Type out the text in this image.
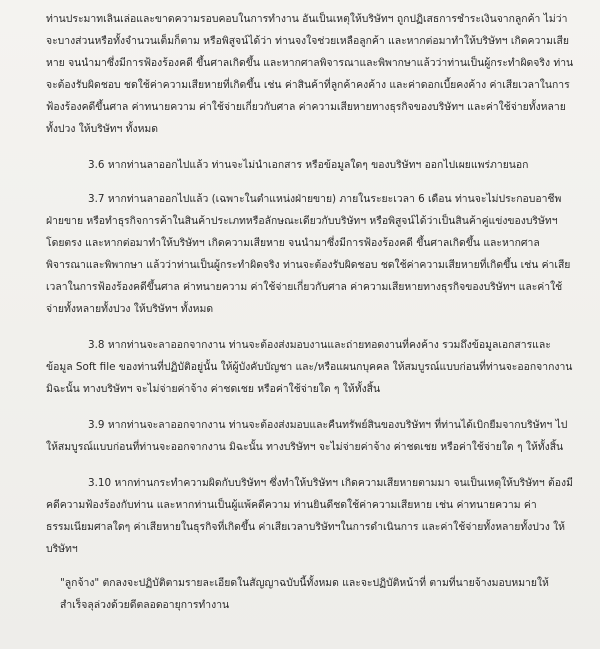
ท่านประมาทเลินเล่อและขาดความรอบคอบในการทำงาน อันเป็นเหตุให้บริษัทฯ ถูกปฏิเสธการชำระเงินจากลูกค้า ไม่ว่าจะบางส่วนหรือทั้งจำนวนเต็มก็ตาม หรือพิสูจน์ได้ว่า ท่านจงใจช่วยเหลือลูกค้า และหากต่อมาทำให้บริษัทฯ เกิดความเสียหาย จนนำมาซึ่งมีการฟ้องร้องคดี ขึ้นศาลเกิดขึ้น และหากศาลพิจารณาและพิพากษาแล้วว่าท่านเป็นผู้กระทำผิดจริง ท่านจะต้องรับผิดชอบ ชดใช้ค่าความเสียหายที่เกิดขึ้น เช่น ค่าสินค้าที่ลูกค้าคงค้าง และค่าดอกเบี้ยคงค้าง ค่าเสียเวลาในการฟ้องร้องคดีขึ้นศาล ค่าทนายความ ค่าใช้จ่ายเกี่ยวกับศาล ค่าความเสียหายทางธุรกิจของบริษัทฯ และค่าใช้จ่ายทั้งหลายทั้งปวง ให้บริษัทฯ ทั้งหมด

3.6 หากท่านลาออกไปแล้ว ท่านจะไม่นำเอกสาร หรือข้อมูลใดๆ ของบริษัทฯ ออกไปเผยแพร่ภายนอก

3.7 หากท่านลาออกไปแล้ว (เฉพาะในตำแหน่งฝ่ายขาย) ภายในระยะเวลา 6 เดือน ท่านจะไม่ประกอบอาชีพฝ่ายขาย หรือทำธุรกิจการค้าในสินค้าประเภทหรือลักษณะเดียวกับบริษัทฯ หรือพิสูจน์ได้ว่าเป็นสินค้าคู่แข่งของบริษัทฯ โดยตรง และหากต่อมาทำให้บริษัทฯ เกิดความเสียหาย จนนำมาซึ่งมีการฟ้องร้องคดี ขึ้นศาลเกิดขึ้น และหากศาลพิจารณาและพิพากษา แล้วว่าท่านเป็นผู้กระทำผิดจริง ท่านจะต้องรับผิดชอบ ชดใช้ค่าความเสียหายที่เกิดขึ้น เช่น ค่าเสียเวลาในการฟ้องร้องคดีขึ้นศาล ค่าทนายความ ค่าใช้จ่ายเกี่ยวกับศาล ค่าความเสียหายทางธุรกิจของบริษัทฯ และค่าใช้จ่ายทั้งหลายทั้งปวง ให้บริษัทฯ ทั้งหมด

3.8 หากท่านจะลาออกจากงาน ท่านจะต้องส่งมอบงานและถ่ายทอดงานที่คงค้าง รวมถึงข้อมูลเอกสารและข้อมูล Soft file ของท่านที่ปฏิบัติอยู่นั้น ให้ผู้บังคับบัญชา และ/หรือแผนกบุคคล ให้สมบูรณ์แบบก่อนที่ท่านจะออกจากงาน มิฉะนั้น ทางบริษัทฯ จะไม่จ่ายค่าจ้าง ค่าชดเชย หรือค่าใช้จ่ายใด ๆ ให้ทั้งสิ้น

3.9 หากท่านจะลาออกจากงาน ท่านจะต้องส่งมอบและคืนทรัพย์สินของบริษัทฯ ที่ท่านได้เบิกยืมจากบริษัทฯ ไป ให้สมบูรณ์แบบก่อนที่ท่านจะออกจากงาน มิฉะนั้น ทางบริษัทฯ จะไม่จ่ายค่าจ้าง ค่าชดเชย หรือค่าใช้จ่ายใด ๆ ให้ทั้งสิ้น

3.10 หากท่านกระทำความผิดกับบริษัทฯ ซึ่งทำให้บริษัทฯ เกิดความเสียหายตามมา จนเป็นเหตุให้บริษัทฯ ต้องมีคดีความฟ้องร้องกับท่าน และหากท่านเป็นผู้แพ้คดีความ ท่านยินดีชดใช้ค่าความเสียหาย เช่น ค่าทนายความ ค่าธรรมเนียมศาลใดๆ ค่าเสียหายในธุรกิจที่เกิดขึ้น ค่าเสียเวลาบริษัทฯในการดำเนินการ และค่าใช้จ่ายทั้งหลายทั้งปวง ให้บริษัทฯ

"ลูกจ้าง" ตกลงจะปฏิบัติตามรายละเอียดในสัญญาฉบับนี้ทั้งหมด และจะปฏิบัติหน้าที่ ตามที่นายจ้างมอบหมายให้สำเร็จลุล่วงด้วยดีตลอดอายุการทำงาน
